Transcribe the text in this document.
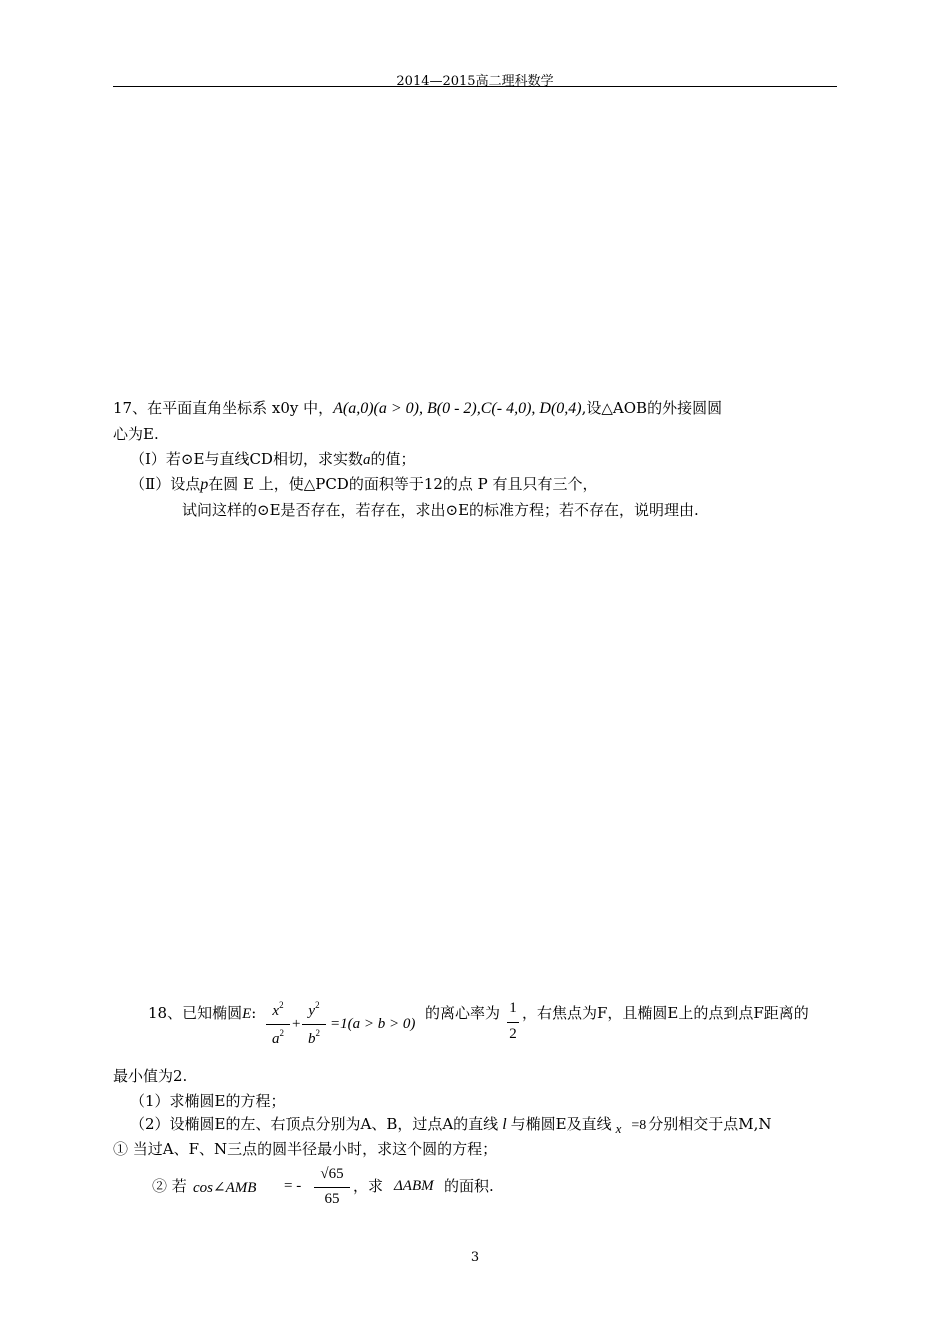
2014—2015高二理科数学
17、在平面直角坐标系 x0y 中，A(a,0)(a > 0), B(0 - 2),C(- 4,0), D(0,4),设△AOB的外接圆圆
心为E.
（Ⅰ）若⊙E与直线CD相切，求实数a的值；
（Ⅱ）设点p在圆 E 上，使△PCD的面积等于12的点 P 有且只有三个，
试问这样的⊙E是否存在，若存在，求出⊙E的标准方程；若不存在，说明理由.
18、已知椭圆E:	$x^2$
$a^2$
+
$y^2$
$b^2$
=1(a > b > 0)
的离心率为 1
2
，右焦点为F，且椭圆E上的点到点F距离的
最小值为2.
（1）求椭圆E的方程；
（2）设椭圆E的左、右顶点分别为A、B，过点A的直线 l 与椭圆E及直线 x =8 分别相交于点M,N
① 当过A、F、N三点的圆半径最小时，求这个圆的方程；
② 若 cos∠AMB = -
√65
65
，求 ΔABM 的面积.
3
